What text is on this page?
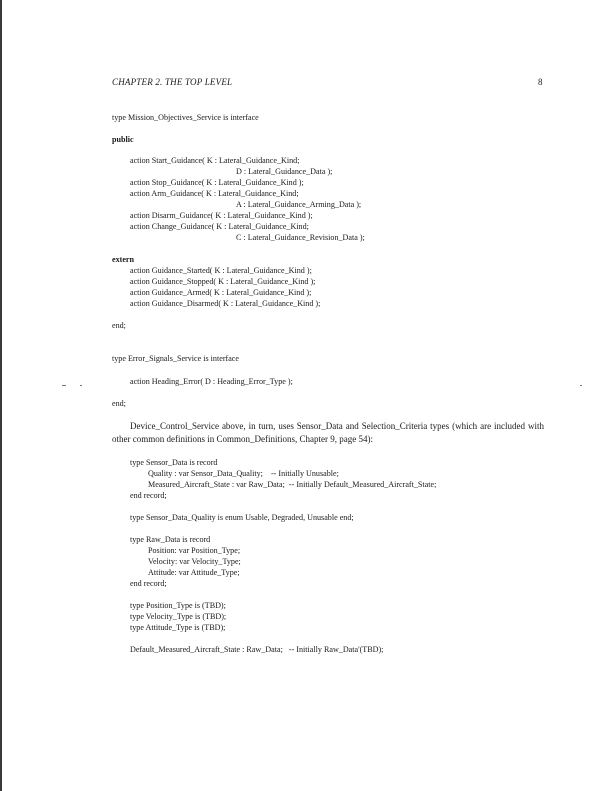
CHAPTER 2. THE TOP LEVEL	8
type Mission_Objectives_Service is interface
public
action Start_Guidance( K : Lateral_Guidance_Kind;
D : Lateral_Guidance_Data );
action Stop_Guidance( K : Lateral_Guidance_Kind );
action Arm_Guidance( K : Lateral_Guidance_Kind;
A : Lateral_Guidance_Arming_Data );
action Disarm_Guidance( K : Lateral_Guidance_Kind );
action Change_Guidance( K : Lateral_Guidance_Kind;
C : Lateral_Guidance_Revision_Data );
extern
action Guidance_Started( K : Lateral_Guidance_Kind );
action Guidance_Stopped( K : Lateral_Guidance_Kind );
action Guidance_Armed( K : Lateral_Guidance_Kind );
action Guidance_Disarmed( K : Lateral_Guidance_Kind );
end;
type Error_Signals_Service is interface
action Heading_Error( D : Heading_Error_Type );
end;
Device_Control_Service above, in turn, uses Sensor_Data and Selection_Criteria types (which are included with other common definitions in Common_Definitions, Chapter 9, page 54):
type Sensor_Data is record
Quality : var Sensor_Data_Quality;    -- Initially Unusable;
Measured_Aircraft_State : var Raw_Data;  -- Initially Default_Measured_Aircraft_State;
end record;
type Sensor_Data_Quality is enum Usable, Degraded, Unusable end;
type Raw_Data is record
Position: var Position_Type;
Velocity: var Velocity_Type;
Attitude: var Attitude_Type;
end record;
type Position_Type is (TBD);
type Velocity_Type is (TBD);
type Attitude_Type is (TBD);
Default_Measured_Aircraft_State : Raw_Data;   -- Initially Raw_Data'(TBD);
